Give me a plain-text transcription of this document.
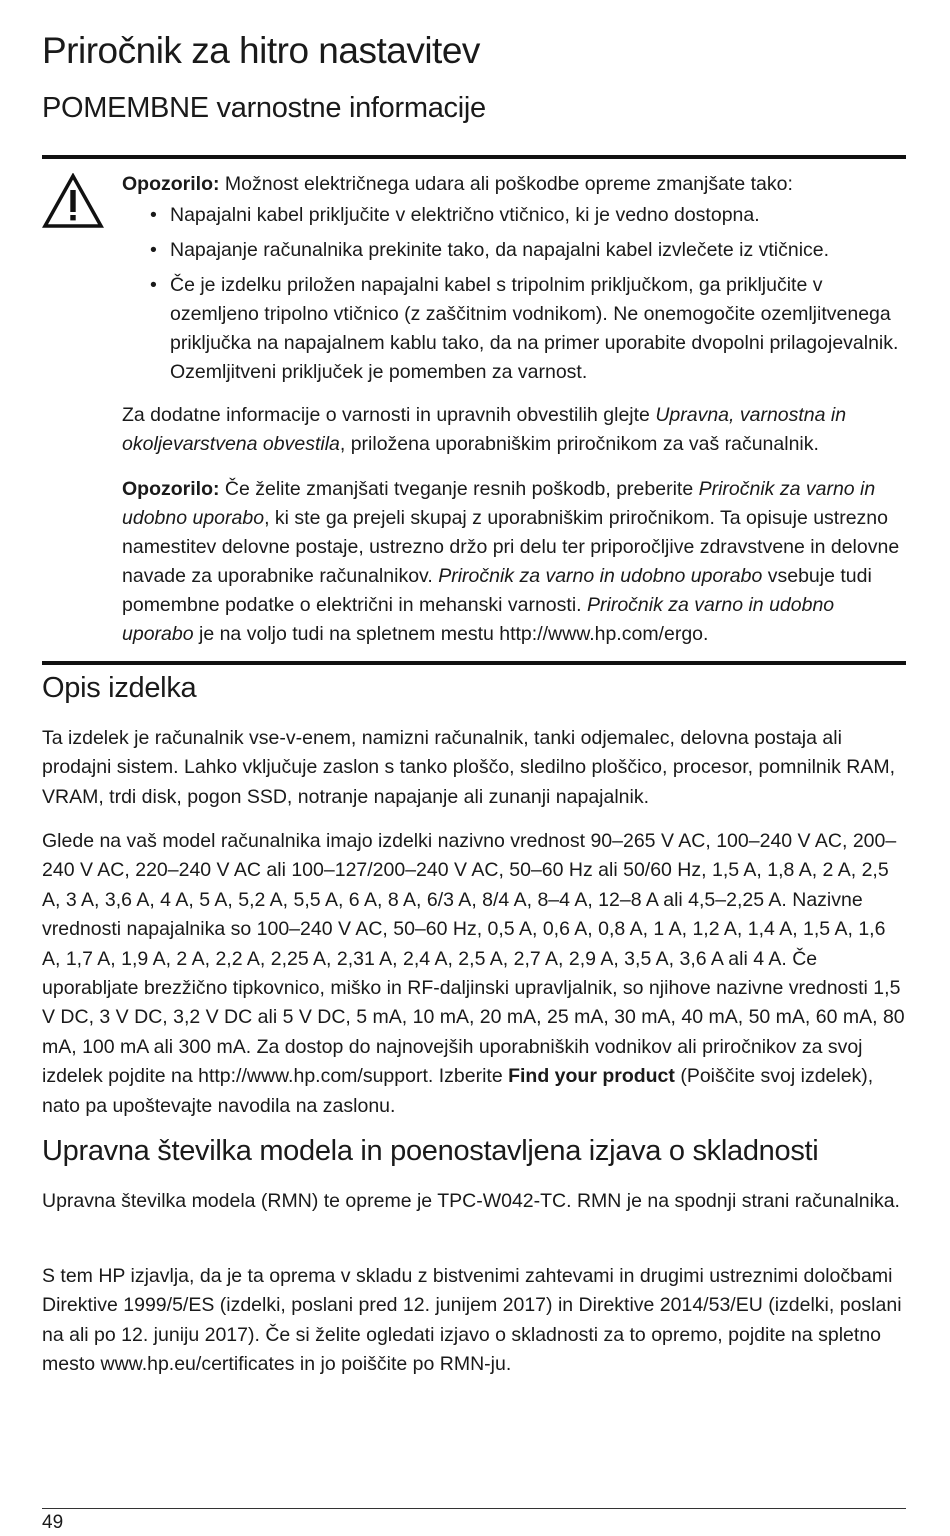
Priročnik za hitro nastavitev
POMEMBNE varnostne informacije

Opozorilo: Možnost električnega udara ali poškodbe opreme zmanjšate tako:

• Napajalni kabel priključite v električno vtičnico, ki je vedno dostopna.
• Napajanje računalnika prekinite tako, da napajalni kabel izvlečete iz vtičnice.
• Če je izdelku priložen napajalni kabel s tripolnim priključkom, ga priključite v ozemljeno tripolno vtičnico (z zaščitnim vodnikom). Ne onemogočite ozemljitvenega priključka na napajalnem kablu tako, da na primer uporabite dvopolni prilagojevalnik. Ozemljitveni priključek je pomemben za varnost.

Za dodatne informacije o varnosti in upravnih obvestilih glejte Upravna, varnostna in okoljevarstvena obvestila, priložena uporabniškim priročnikom za vaš računalnik.

Opozorilo: Če želite zmanjšati tveganje resnih poškodb, preberite Priročnik za varno in udobno uporabo, ki ste ga prejeli skupaj z uporabniškim priročnikom. Ta opisuje ustrezno namestitev delovne postaje, ustrezno držo pri delu ter priporočljive zdravstvene in delovne navade za uporabnike računalnikov. Priročnik za varno in udobno uporabo vsebuje tudi pomembne podatke o električni in mehanski varnosti. Priročnik za varno in udobno uporabo je na voljo tudi na spletnem mestu http://www.hp.com/ergo.

Opis izdelka

Ta izdelek je računalnik vse-v-enem, namizni računalnik, tanki odjemalec, delovna postaja ali prodajni sistem. Lahko vključuje zaslon s tanko ploščo, sledilno ploščico, procesor, pomnilnik RAM, VRAM, trdi disk, pogon SSD, notranje napajanje ali zunanji napajalnik.

Glede na vaš model računalnika imajo izdelki nazivno vrednost 90–265 V AC, 100–240 V AC, 200–240 V AC, 220–240 V AC ali 100–127/200–240 V AC, 50–60 Hz ali 50/60 Hz, 1,5 A, 1,8 A, 2 A, 2,5 A, 3 A, 3,6 A, 4 A, 5 A, 5,2 A, 5,5 A, 6 A, 8 A, 6/3 A, 8/4 A, 8–4 A, 12–8 A ali 4,5–2,25 A. Nazivne vrednosti napajalnika so 100–240 V AC, 50–60 Hz, 0,5 A, 0,6 A, 0,8 A, 1 A, 1,2 A, 1,4 A, 1,5 A, 1,6 A, 1,7 A, 1,9 A, 2 A, 2,2 A, 2,25 A, 2,31 A, 2,4 A, 2,5 A, 2,7 A, 2,9 A, 3,5 A, 3,6 A ali 4 A. Če uporabljate brezžično tipkovnico, miško in RF-daljinski upravljalnik, so njihove nazivne vrednosti 1,5 V DC, 3 V DC, 3,2 V DC ali 5 V DC, 5 mA, 10 mA, 20 mA, 25 mA, 30 mA, 40 mA, 50 mA, 60 mA, 80 mA, 100 mA ali 300 mA. Za dostop do najnovejših uporabniških vodnikov ali priročnikov za svoj izdelek pojdite na http://www.hp.com/support. Izberite Find your product (Poiščite svoj izdelek), nato pa upoštevajte navodila na zaslonu.

Upravna številka modela in poenostavljena izjava o skladnosti

Upravna številka modela (RMN) te opreme je TPC-W042-TC. RMN je na spodnji strani računalnika.

S tem HP izjavlja, da je ta oprema v skladu z bistvenimi zahtevami in drugimi ustreznimi določbami Direktive 1999/5/ES (izdelki, poslani pred 12. junijem 2017) in Direktive 2014/53/EU (izdelki, poslani na ali po 12. juniju 2017). Če si želite ogledati izjavo o skladnosti za to opremo, pojdite na spletno mesto www.hp.eu/certificates in jo poiščite po RMN-ju.

49
